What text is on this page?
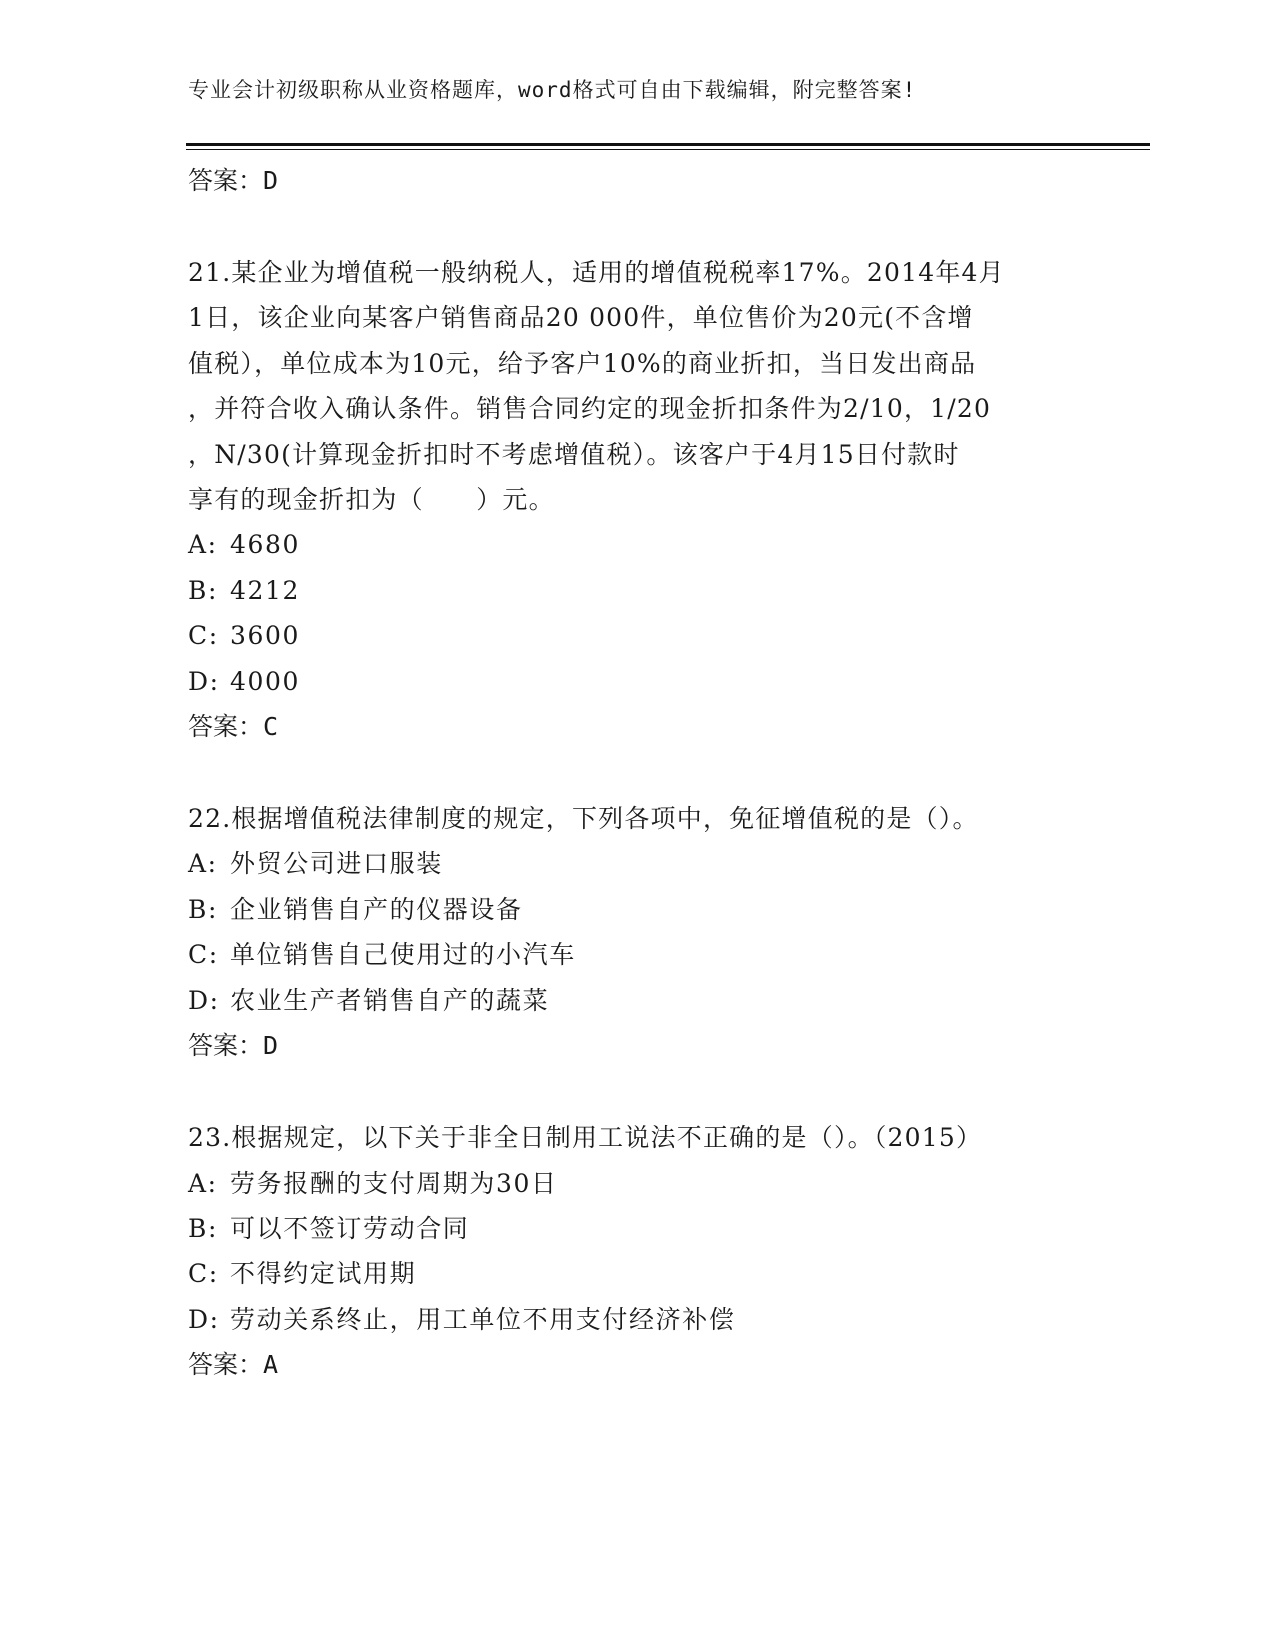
专业会计初级职称从业资格题库，word格式可自由下载编辑，附完整答案!
答案：D
21.某企业为增值税一般纳税人，适用的增值税税率17%。2014年4月
1日，该企业向某客户销售商品20 000件，单位售价为20元(不含增
值税），单位成本为10元，给予客户10%的商业折扣，当日发出商品
，并符合收入确认条件。销售合同约定的现金折扣条件为2/10，1/20
，N/30(计算现金折扣时不考虑增值税）。该客户于4月15日付款时
享有的现金折扣为（　　）元。
A: 4680
B: 4212
C: 3600
D: 4000
答案：C
22.根据增值税法律制度的规定，下列各项中，免征增值税的是（）。
A: 外贸公司进口服装
B: 企业销售自产的仪器设备
C: 单位销售自己使用过的小汽车
D: 农业生产者销售自产的蔬菜
答案：D
23.根据规定，以下关于非全日制用工说法不正确的是（）。（2015）
A: 劳务报酬的支付周期为30日
B: 可以不签订劳动合同
C: 不得约定试用期
D: 劳动关系终止，用工单位不用支付经济补偿
答案：A
